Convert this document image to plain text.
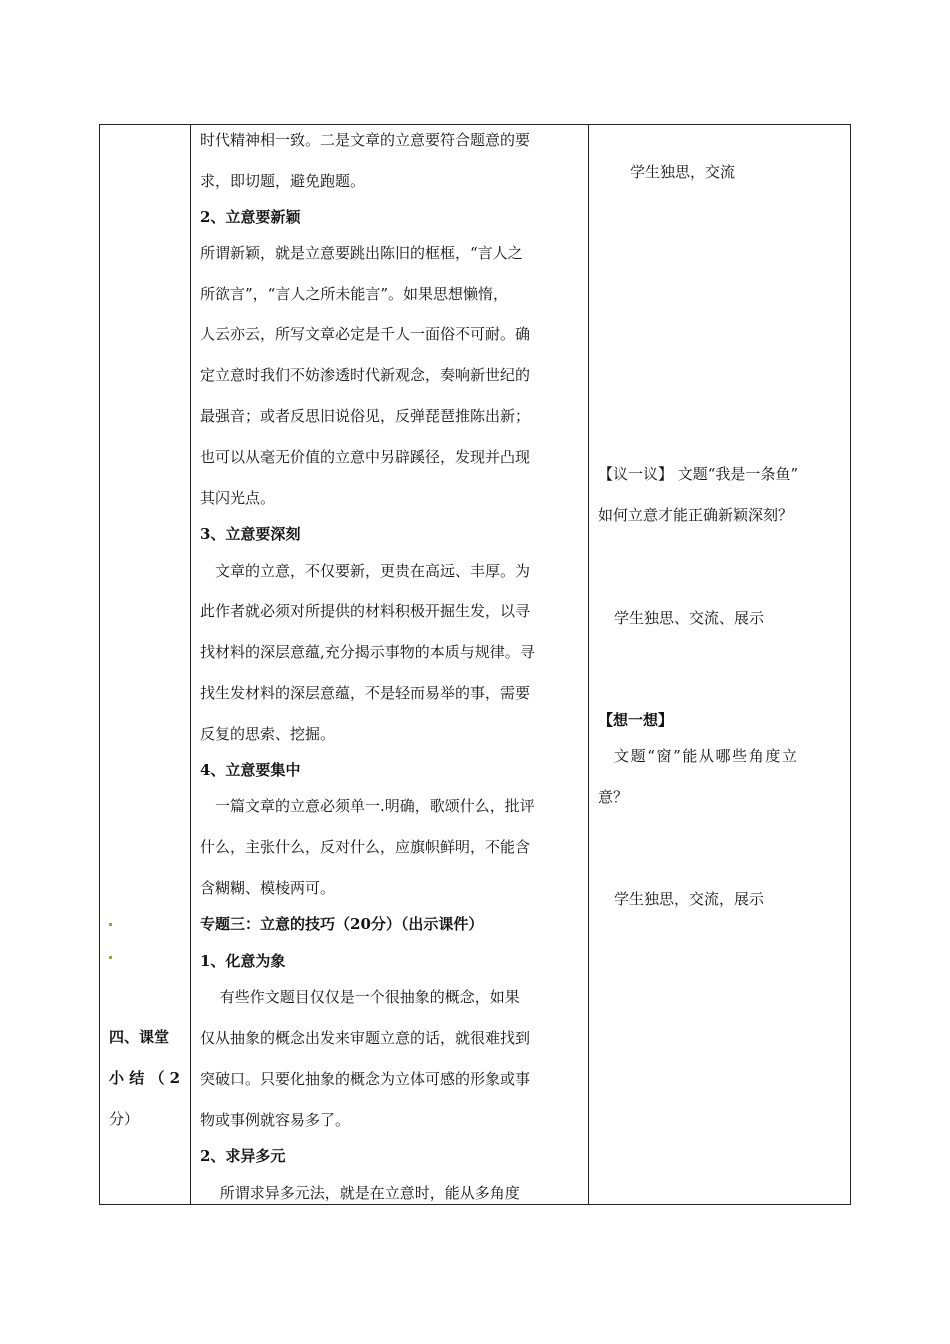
四、课堂
小 结 （ 2
分）
时代精神相一致。二是文章的立意要符合题意的要
求，即切题，避免跑题。
2、立意要新颖
所谓新颖，就是立意要跳出陈旧的框框，“言人之
所欲言”，“言人之所未能言”。如果思想懒惰，
人云亦云，所写文章必定是千人一面俗不可耐。确
定立意时我们不妨渗透时代新观念，奏响新世纪的
最强音；或者反思旧说俗见，反弹琵琶推陈出新；
也可以从毫无价值的立意中另辟蹊径，发现并凸现
其闪光点。
3、立意要深刻
　文章的立意，不仅要新，更贵在高远、丰厚。为
此作者就必须对所提供的材料积极开掘生发，以寻
找材料的深层意蕴,充分揭示事物的本质与规律。寻
找生发材料的深层意蕴，不是轻而易举的事，需要
反复的思索、挖掘。
4、立意要集中
　一篇文章的立意必须单一.明确，歌颂什么，批评
什么，主张什么，反对什么，应旗帜鲜明，不能含
含糊糊、模棱两可。
专题三：立意的技巧（20分）（出示课件）
1、化意为象
　 有些作文题目仅仅是一个很抽象的概念，如果
仅从抽象的概念出发来审题立意的话，就很难找到
突破口。只要化抽象的概念为立体可感的形象或事
物或事例就容易多了。
2、求异多元
　 所谓求异多元法，就是在立意时，能从多角度
学生独思，交流
【议一议】 文题“我是一条鱼”
如何立意才能正确新颖深刻？
学生独思、交流、展示
【想一想】
文题“窗”能从哪些角度立
意？
学生独思，交流，展示
